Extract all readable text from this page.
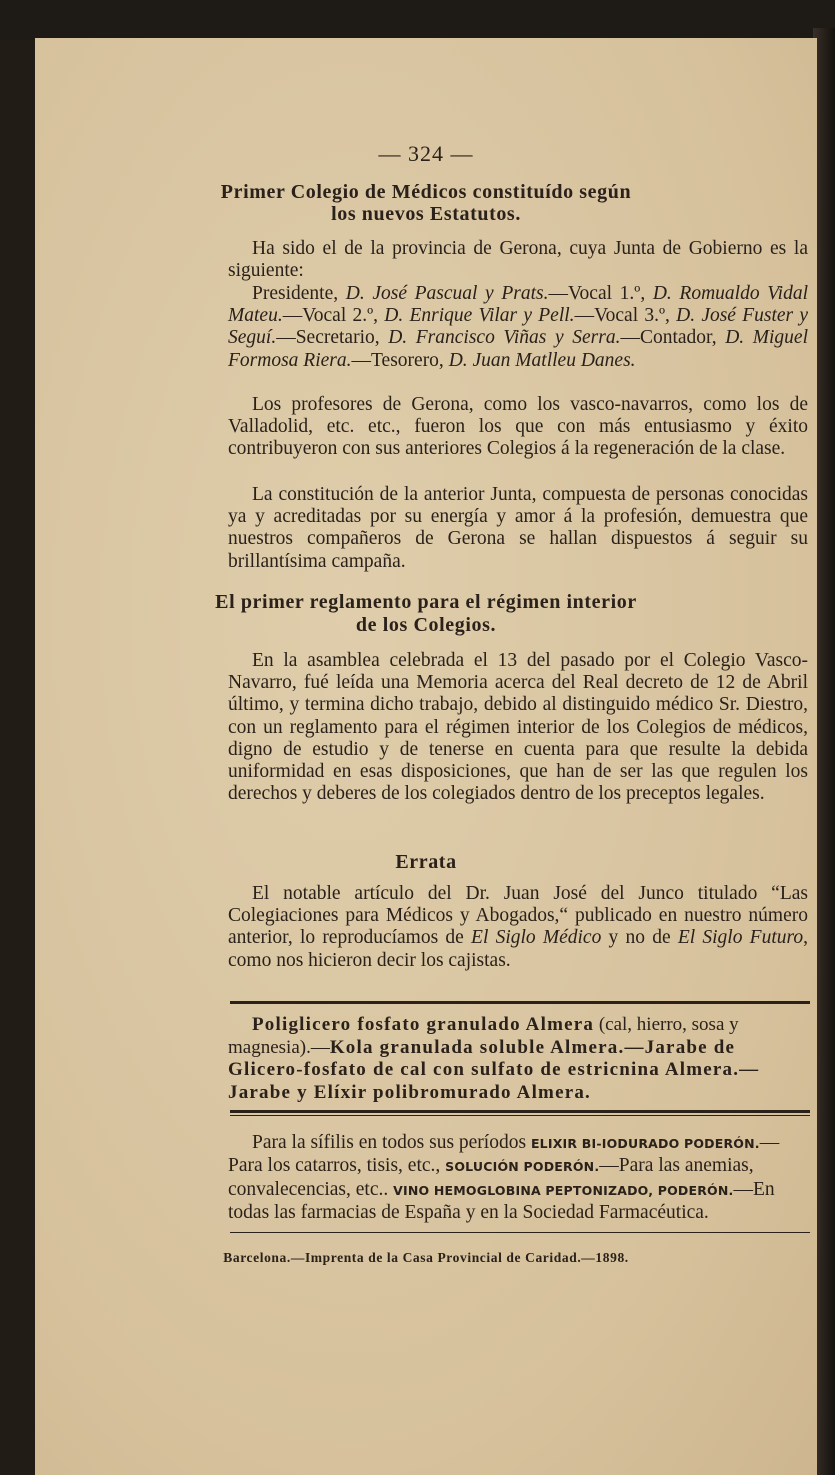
— 324 —
Primer Colegio de Médicos constituído según
los nuevos Estatutos.
Ha sido el de la provincia de Gerona, cuya Junta de Gobierno es la siguiente:
Presidente, D. José Pascual y Prats.—Vocal 1.º, D. Romualdo Vidal Mateu.—Vocal 2.º, D. Enrique Vilar y Pell.—Vocal 3.º, D. José Fuster y Seguí.—Secretario, D. Francisco Viñas y Serra.—Contador, D. Miguel Formosa Riera.—Tesorero, D. Juan Matlleu Danes.
Los profesores de Gerona, como los vasco-navarros, como los de Valladolid, etc. etc., fueron los que con más entusiasmo y éxito contribuyeron con sus anteriores Colegios á la regeneración de la clase.
La constitución de la anterior Junta, compuesta de personas conocidas ya y acreditadas por su energía y amor á la profesión, demuestra que nuestros compañeros de Gerona se hallan dispuestos á seguir su brillantísima campaña.
El primer reglamento para el régimen interior
de los Colegios.
En la asamblea celebrada el 13 del pasado por el Colegio Vasco-Navarro, fué leída una Memoria acerca del Real decreto de 12 de Abril último, y termina dicho trabajo, debido al distinguido médico Sr. Diestro, con un reglamento para el régimen interior de los Colegios de médicos, digno de estudio y de tenerse en cuenta para que resulte la debida uniformidad en esas disposiciones, que han de ser las que regulen los derechos y deberes de los colegiados dentro de los preceptos legales.
Errata
El notable artículo del Dr. Juan José del Junco titulado “Las Colegiaciones para Médicos y Abogados,“ publicado en nuestro número anterior, lo reproducíamos de El Siglo Médico y no de El Siglo Futuro, como nos hicieron decir los cajistas.
Poliglicero fosfato granulado Almera (cal, hierro, sosa y magnesia).—Kola granulada soluble Almera.—Jarabe de Glicero-fosfato de cal con sulfato de estricnina Almera.—Jarabe y Elíxir polibromurado Almera.
Para la sífilis en todos sus períodos ELIXIR BI-IODURADO PODERÓN.—Para los catarros, tisis, etc., SOLUCIÓN PODERÓN.—Para las anemias, convalecencias, etc.. VINO HEMOGLOBINA PEPTONIZADO, PODERÓN.—En todas las farmacias de España y en la Sociedad Farmacéutica.
Barcelona.—Imprenta de la Casa Provincial de Caridad.—1898.
